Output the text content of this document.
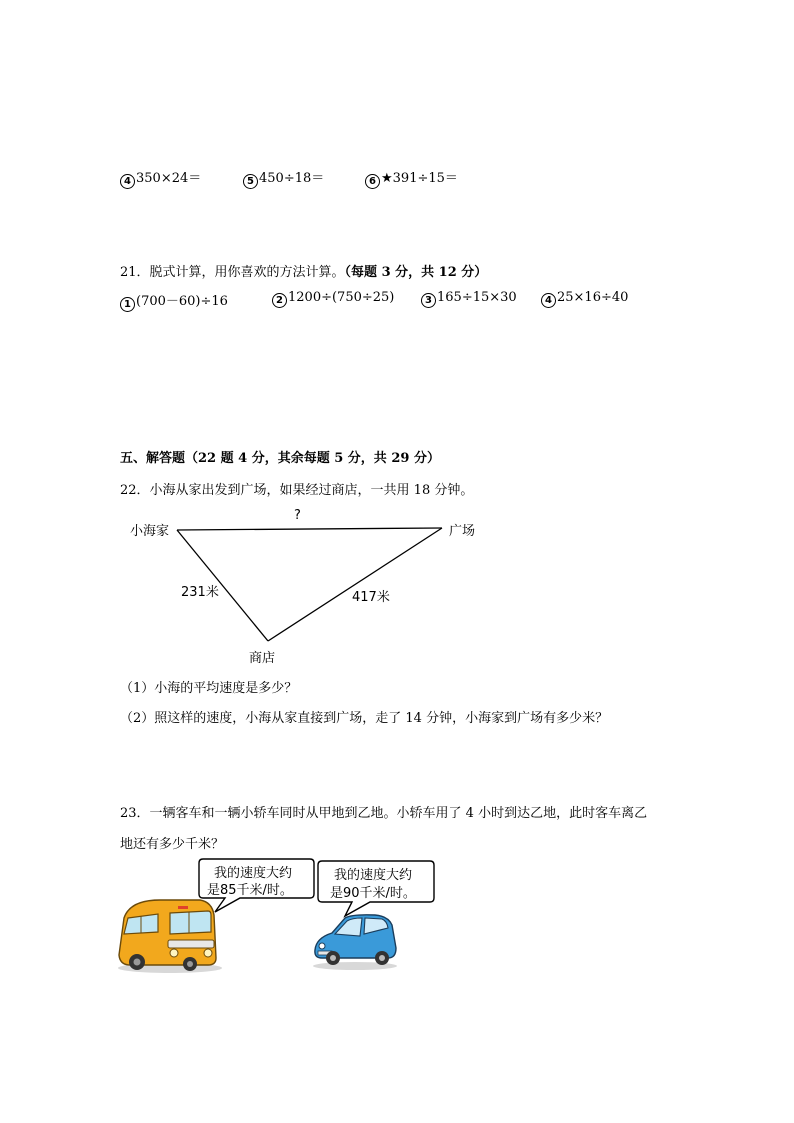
4 350×24＝	5 450÷18＝	6 ★391÷15＝
21．脱式计算，用你喜欢的方法计算。（每题 3 分，共 12 分）
1 (700－60)÷16	2 1200÷(750÷25)	3 165÷15×30	4 25×16÷40
五、解答题（22 题 4 分，其余每题 5 分，共 29 分）
22．小海从家出发到广场，如果经过商店，一共用 18 分钟。
小海家	广场
?
231米	417米
商店
（1）小海的平均速度是多少？
（2）照这样的速度，小海从家直接到广场，走了 14 分钟，小海家到广场有多少米？
23．一辆客车和一辆小轿车同时从甲地到乙地。小轿车用了 4 小时到达乙地，此时客车离乙
地还有多少千米？
我的速度大约
是85千米/时。
我的速度大约
是90千米/时。
